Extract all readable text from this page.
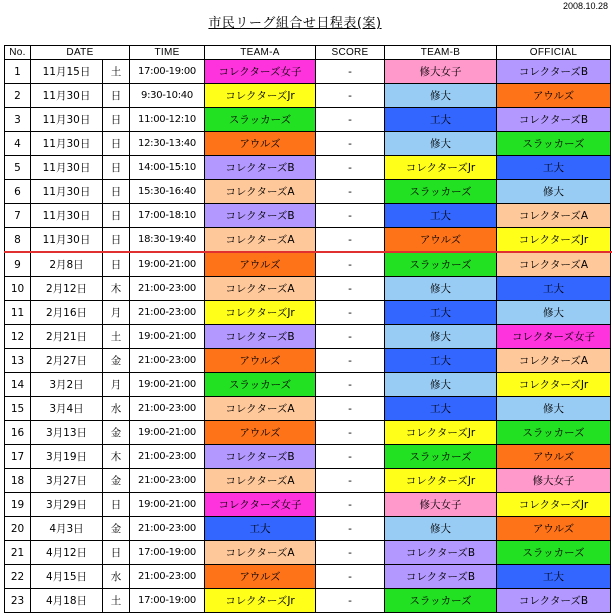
2008.10.28
市民リーグ組合せ日程表(案)
No.	DATE		TIME	TEAM-A	SCORE	TEAM-B	OFFICIAL
1	11月15日	土	17:00-19:00	コレクターズ女子	-	修大女子	コレクターズB
2	11月30日	日	9:30-10:40	コレクターズJr	-	修大	アウルズ
3	11月30日	日	11:00-12:10	スラッカーズ	-	工大	コレクターズB
4	11月30日	日	12:30-13:40	アウルズ	-	修大	スラッカーズ
5	11月30日	日	14:00-15:10	コレクターズB	-	コレクターズJr	工大
6	11月30日	日	15:30-16:40	コレクターズA	-	スラッカーズ	修大
7	11月30日	日	17:00-18:10	コレクターズB	-	工大	コレクターズA
8	11月30日	日	18:30-19:40	コレクターズA	-	アウルズ	コレクターズJr
9	2月8日	日	19:00-21:00	アウルズ	-	スラッカーズ	コレクターズA
10	2月12日	木	21:00-23:00	コレクターズA	-	修大	工大
11	2月16日	月	21:00-23:00	コレクターズJr	-	工大	修大
12	2月21日	土	19:00-21:00	コレクターズB	-	修大	コレクターズ女子
13	2月27日	金	21:00-23:00	アウルズ	-	工大	コレクターズA
14	3月2日	月	19:00-21:00	スラッカーズ	-	修大	コレクターズJr
15	3月4日	水	21:00-23:00	コレクターズA	-	工大	修大
16	3月13日	金	19:00-21:00	アウルズ	-	コレクターズJr	スラッカーズ
17	3月19日	木	21:00-23:00	コレクターズB	-	スラッカーズ	アウルズ
18	3月27日	金	21:00-23:00	コレクターズA	-	コレクターズJr	修大女子
19	3月29日	日	19:00-21:00	コレクターズ女子	-	修大女子	コレクターズJr
20	4月3日	金	21:00-23:00	工大	-	修大	アウルズ
21	4月12日	日	17:00-19:00	コレクターズA	-	コレクターズB	スラッカーズ
22	4月15日	水	21:00-23:00	アウルズ	-	コレクターズB	工大
23	4月18日	土	17:00-19:00	コレクターズJr	-	スラッカーズ	コレクターズB
